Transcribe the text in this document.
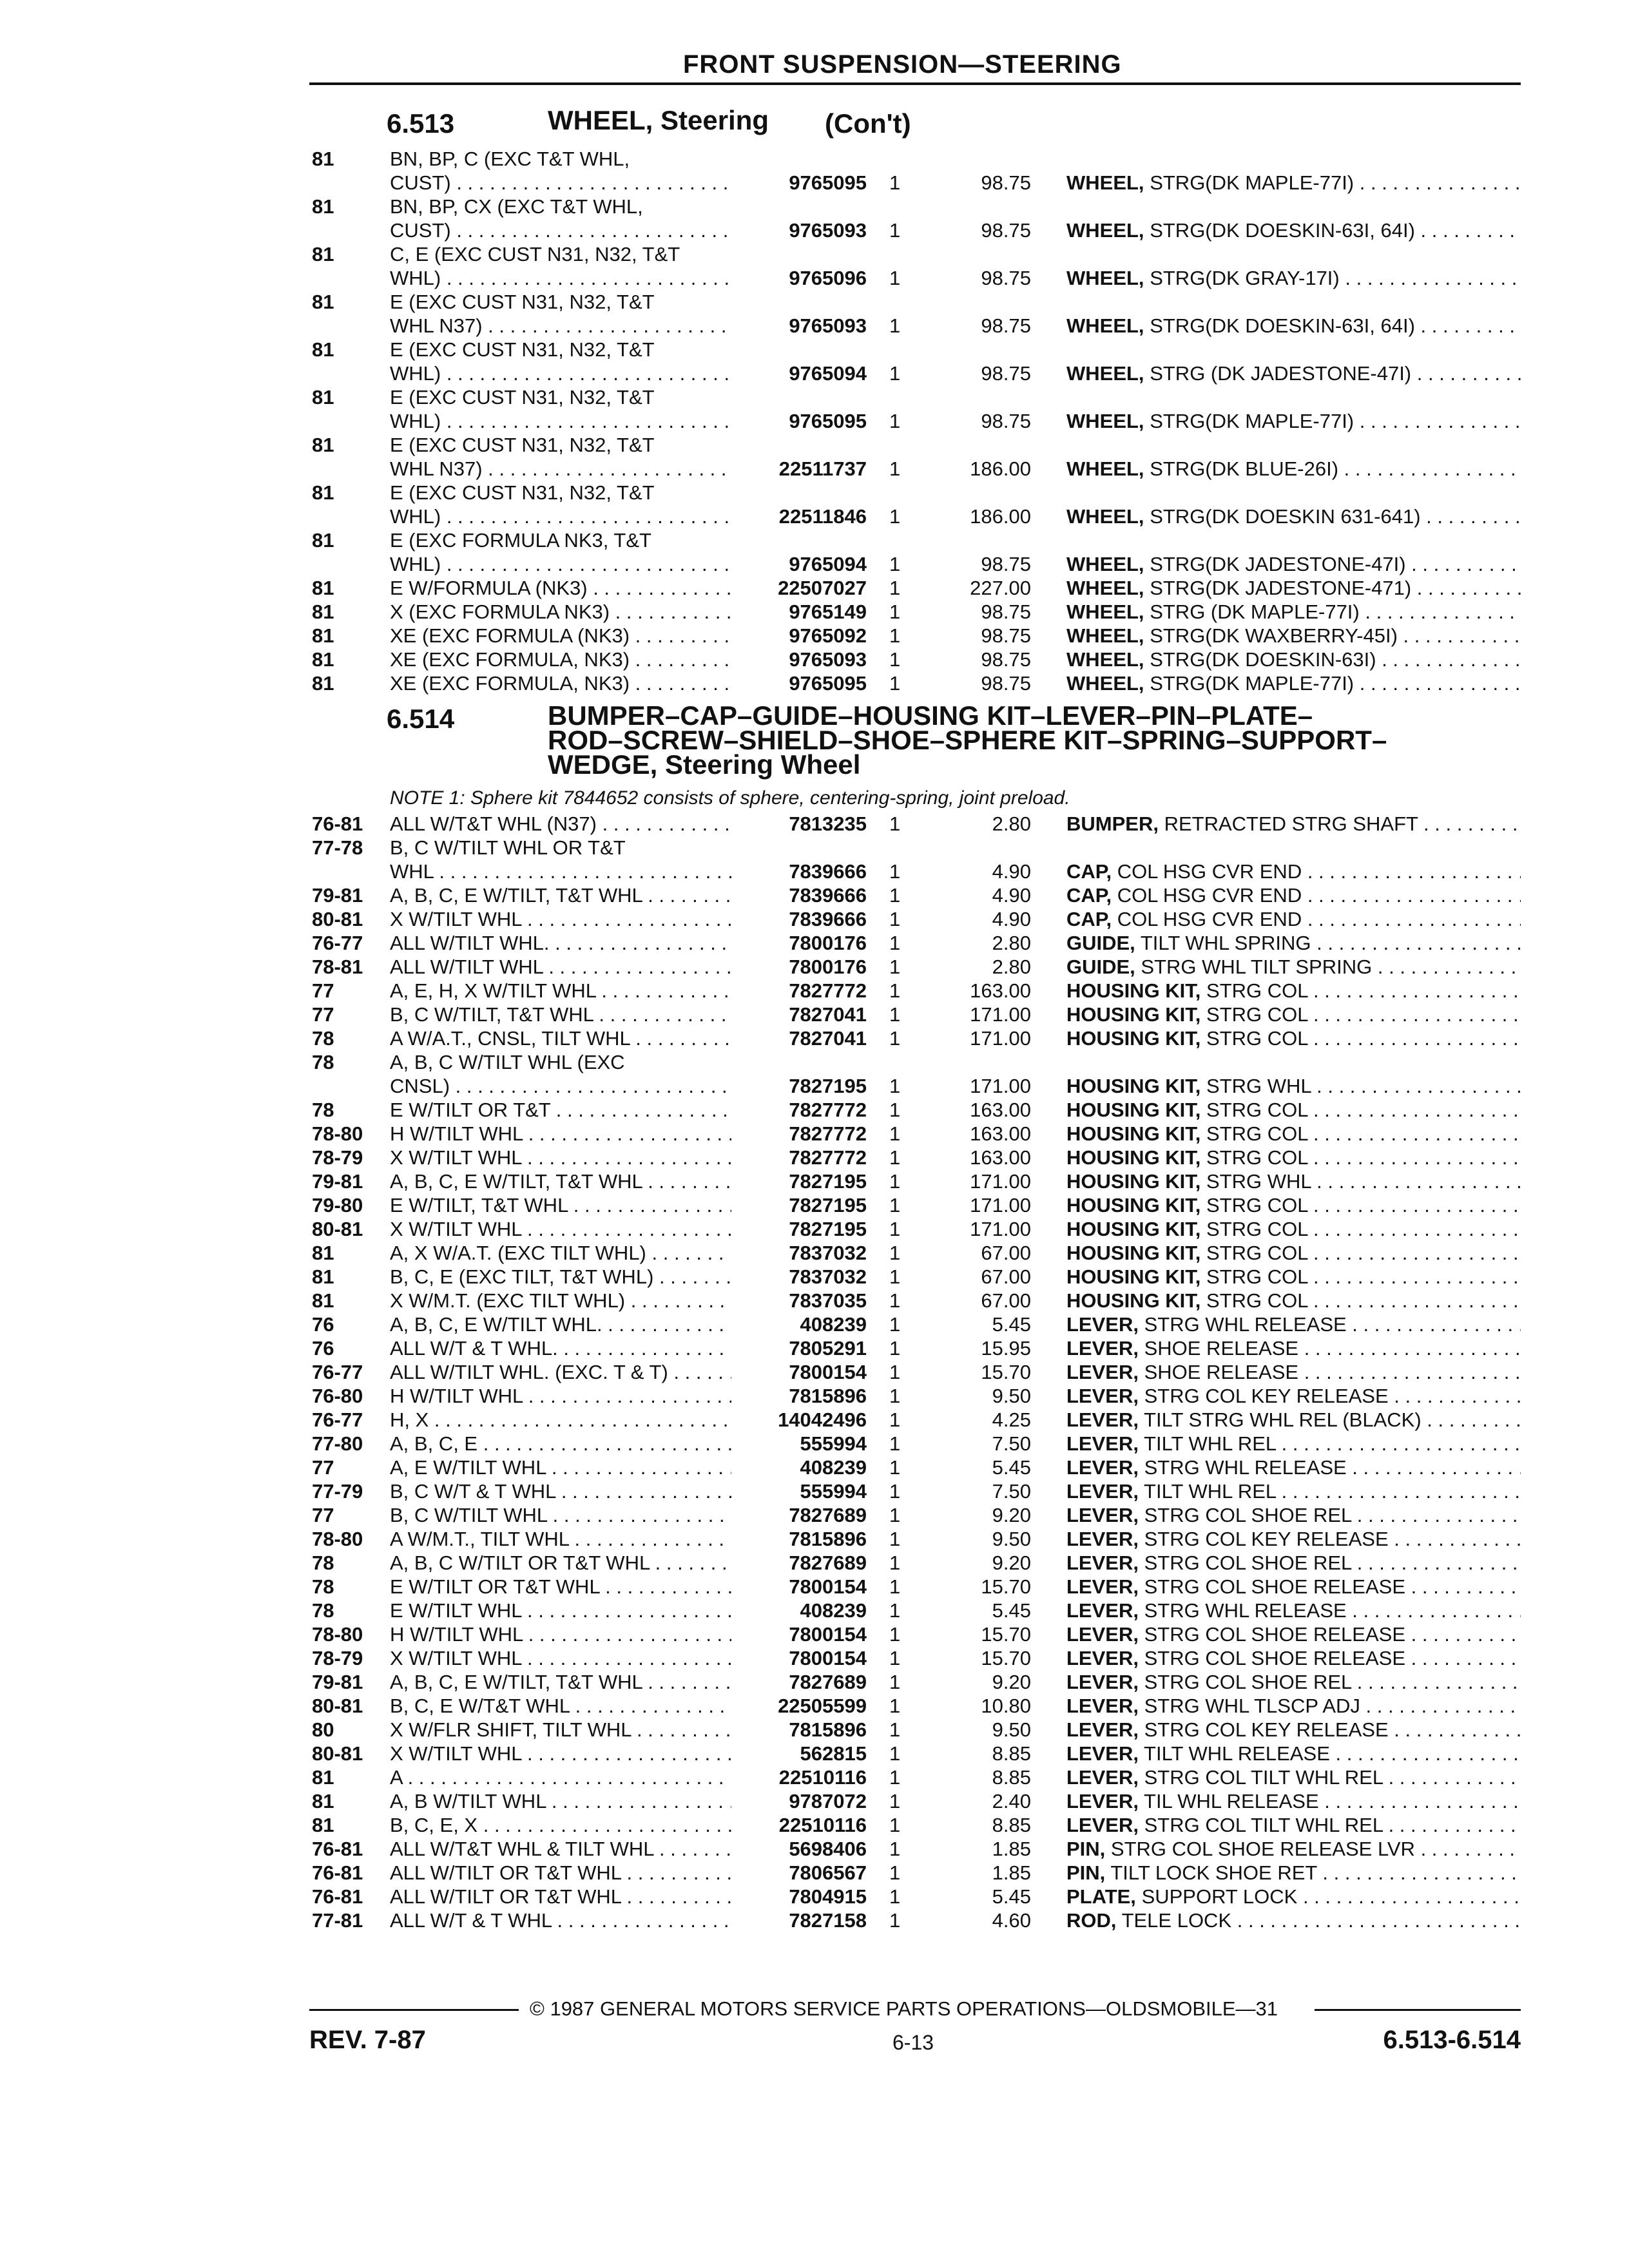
FRONT SUSPENSION—STEERING
6.513	WHEEL, Steering (Con't)
81	BN, BP, C (EXC T&T WHL,
CUST) . . .	9765095 1	98.75 WHEEL, STRG(DK MAPLE-77I) . . .
81	BN, BP, CX (EXC T&T WHL,
CUST) . . .	9765093 1	98.75 WHEEL, STRG(DK DOESKIN-63I, 64I) . . .
81	C, E (EXC CUST N31, N32, T&T
WHL) . . .	9765096 1	98.75 WHEEL, STRG(DK GRAY-17I) . . .
81	E (EXC CUST N31, N32, T&T
WHL N37) . . .	9765093 1	98.75 WHEEL, STRG(DK DOESKIN-63I, 64I) . . .
81	E (EXC CUST N31, N32, T&T
WHL) . . .	9765094 1	98.75 WHEEL, STRG (DK JADESTONE-47I) . . .
81	E (EXC CUST N31, N32, T&T
WHL) . . .	9765095 1	98.75 WHEEL, STRG(DK MAPLE-77I) . . .
81	E (EXC CUST N31, N32, T&T
WHL N37) . . .	22511737 1	186.00 WHEEL, STRG(DK BLUE-26I) . . .
81	E (EXC CUST N31, N32, T&T
WHL) . . .	22511846 1	186.00 WHEEL, STRG(DK DOESKIN 631-641) . . .
81	E (EXC FORMULA NK3, T&T
WHL) . . .	9765094 1	98.75 WHEEL, STRG(DK JADESTONE-47I) . . .
81	E W/FORMULA (NK3) . . .	22507027 1	227.00 WHEEL, STRG(DK JADESTONE-471) . . .
81	X (EXC FORMULA NK3) . . .	9765149 1	98.75 WHEEL, STRG (DK MAPLE-77I) . . .
81	XE (EXC FORMULA (NK3) . . .	9765092 1	98.75 WHEEL, STRG(DK WAXBERRY-45I) . . .
81	XE (EXC FORMULA, NK3) . . .	9765093 1	98.75 WHEEL, STRG(DK DOESKIN-63I) . . .
81	XE (EXC FORMULA, NK3) . . .	9765095 1	98.75 WHEEL, STRG(DK MAPLE-77I) . . .
6.514	BUMPER–CAP–GUIDE–HOUSING KIT–LEVER–PIN–PLATE–
ROD–SCREW–SHIELD–SHOE–SPHERE KIT–SPRING–SUPPORT–
WEDGE, Steering Wheel
NOTE 1: Sphere kit 7844652 consists of sphere, centering-spring, joint preload.
76-81 ALL W/T&T WHL (N37) . . .	7813235 1	2.80 BUMPER, RETRACTED STRG SHAFT . . .
77-78 B, C W/TILT WHL OR T&T
WHL . . .	7839666 1	4.90 CAP, COL HSG CVR END . . .
79-81 A, B, C, E W/TILT, T&T WHL . . .	7839666 1	4.90 CAP, COL HSG CVR END . . .
80-81 X W/TILT WHL . . .	7839666 1	4.90 CAP, COL HSG CVR END . . .
76-77 ALL W/TILT WHL. . . .	7800176 1	2.80 GUIDE, TILT WHL SPRING . . .
78-81 ALL W/TILT WHL . . .	7800176 1	2.80 GUIDE, STRG WHL TILT SPRING . . .
77	A, E, H, X W/TILT WHL . . .	7827772 1	163.00 HOUSING KIT, STRG COL . . .
77	B, C W/TILT, T&T WHL . . .	7827041 1	171.00 HOUSING KIT, STRG COL . . .
78	A W/A.T., CNSL, TILT WHL . . .	7827041 1	171.00 HOUSING KIT, STRG COL . . .
78	A, B, C W/TILT WHL (EXC
CNSL) . . .	7827195 1	171.00 HOUSING KIT, STRG WHL . . .
78	E W/TILT OR T&T . . .	7827772 1	163.00 HOUSING KIT, STRG COL . . .
78-80 H W/TILT WHL . . .	7827772 1	163.00 HOUSING KIT, STRG COL . . .
78-79 X W/TILT WHL . . .	7827772 1	163.00 HOUSING KIT, STRG COL . . .
79-81 A, B, C, E W/TILT, T&T WHL . . .	7827195 1	171.00 HOUSING KIT, STRG WHL . . .
79-80 E W/TILT, T&T WHL . . .	7827195 1	171.00 HOUSING KIT, STRG COL . . .
80-81 X W/TILT WHL . . .	7827195 1	171.00 HOUSING KIT, STRG COL . . .
81	A, X W/A.T. (EXC TILT WHL) . . .	7837032 1	67.00 HOUSING KIT, STRG COL . . .
81	B, C, E (EXC TILT, T&T WHL) . . .	7837032 1	67.00 HOUSING KIT, STRG COL . . .
81	X W/M.T. (EXC TILT WHL) . . .	7837035 1	67.00 HOUSING KIT, STRG COL . . .
76	A, B, C, E W/TILT WHL. . . .	408239 1	5.45 LEVER, STRG WHL RELEASE . . .
76	ALL W/T & T WHL. . . .	7805291 1	15.95 LEVER, SHOE RELEASE . . .
76-77 ALL W/TILT WHL. (EXC. T & T) . . .	7800154 1	15.70 LEVER, SHOE RELEASE . . .
76-80 H W/TILT WHL . . .	7815896 1	9.50 LEVER, STRG COL KEY RELEASE . . .
76-77 H, X . . .	14042496 1	4.25 LEVER, TILT STRG WHL REL (BLACK) . . .
77-80 A, B, C, E . . .	555994 1	7.50 LEVER, TILT WHL REL . . .
77	A, E W/TILT WHL . . .	408239 1	5.45 LEVER, STRG WHL RELEASE . . .
77-79 B, C W/T & T WHL . . .	555994 1	7.50 LEVER, TILT WHL REL . . .
77	B, C W/TILT WHL . . .	7827689 1	9.20 LEVER, STRG COL SHOE REL . . .
78-80 A W/M.T., TILT WHL . . .	7815896 1	9.50 LEVER, STRG COL KEY RELEASE . . .
78	A, B, C W/TILT OR T&T WHL . . .	7827689 1	9.20 LEVER, STRG COL SHOE REL . . .
78	E W/TILT OR T&T WHL . . .	7800154 1	15.70 LEVER, STRG COL SHOE RELEASE . . .
78	E W/TILT WHL . . .	408239 1	5.45 LEVER, STRG WHL RELEASE . . .
78-80 H W/TILT WHL . . .	7800154 1	15.70 LEVER, STRG COL SHOE RELEASE . . .
78-79 X W/TILT WHL . . .	7800154 1	15.70 LEVER, STRG COL SHOE RELEASE . . .
79-81 A, B, C, E W/TILT, T&T WHL . . .	7827689 1	9.20 LEVER, STRG COL SHOE REL . . .
80-81 B, C, E W/T&T WHL . . .	22505599 1	10.80 LEVER, STRG WHL TLSCP ADJ . . .
80	X W/FLR SHIFT, TILT WHL . . .	7815896 1	9.50 LEVER, STRG COL KEY RELEASE . . .
80-81 X W/TILT WHL . . .	562815 1	8.85 LEVER, TILT WHL RELEASE . . .
81	A . . .	22510116 1	8.85 LEVER, STRG COL TILT WHL REL . . .
81	A, B W/TILT WHL . . .	9787072 1	2.40 LEVER, TIL WHL RELEASE . . .
81	B, C, E, X . . .	22510116 1	8.85 LEVER, STRG COL TILT WHL REL . . .
76-81 ALL W/T&T WHL & TILT WHL . . .	5698406 1	1.85 PIN, STRG COL SHOE RELEASE LVR . . .
76-81 ALL W/TILT OR T&T WHL . . .	7806567 1	1.85 PIN, TILT LOCK SHOE RET . . .
76-81 ALL W/TILT OR T&T WHL . . .	7804915 1	5.45 PLATE, SUPPORT LOCK . . .
77-81 ALL W/T & T WHL . . .	7827158 1	4.60 ROD, TELE LOCK . . .
© 1987 GENERAL MOTORS SERVICE PARTS OPERATIONS—OLDSMOBILE—31
REV. 7-87	6-13	6.513-6.514
